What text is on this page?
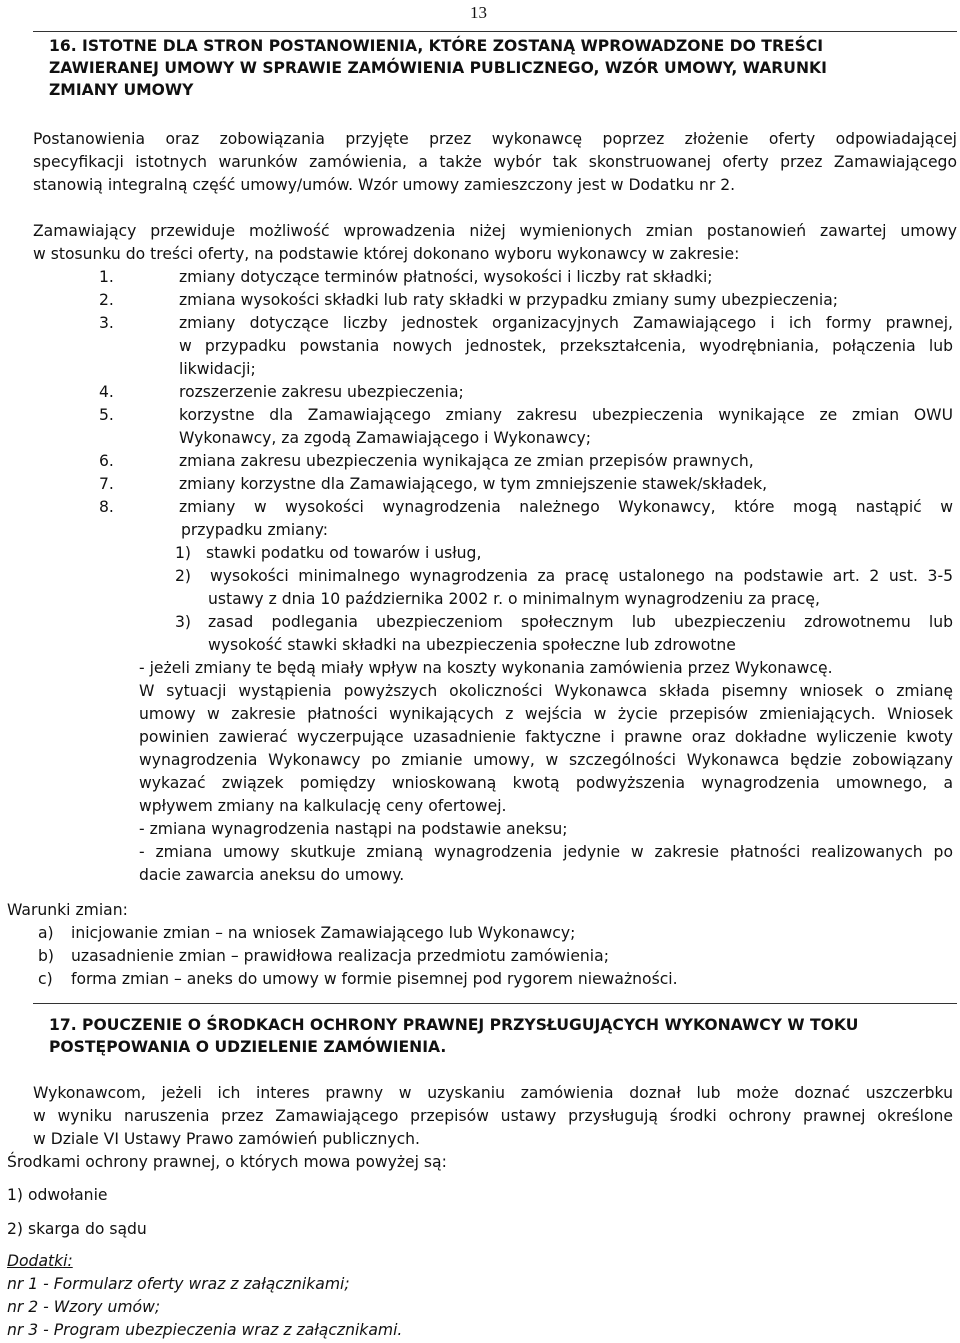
13
16. ISTOTNE DLA STRON POSTANOWIENIA, KTÓRE ZOSTANĄ WPROWADZONE DO TREŚCI
ZAWIERANEJ UMOWY W SPRAWIE ZAMÓWIENIA PUBLICZNEGO, WZÓR UMOWY, WARUNKI
ZMIANY UMOWY
Postanowienia oraz zobowiązania przyjęte przez wykonawcę poprzez złożenie oferty odpowiadającej
specyfikacji istotnych warunków zamówienia, a także wybór tak skonstruowanej oferty przez Zamawiającego
stanowią integralną część umowy/umów. Wzór umowy zamieszczony jest w Dodatku nr 2.
Zamawiający przewiduje możliwość wprowadzenia niżej wymienionych zmian postanowień zawartej umowy
w stosunku do treści oferty, na podstawie której dokonano wyboru wykonawcy w zakresie:
1.	zmiany dotyczące terminów płatności, wysokości i liczby rat składki;
2.	zmiana wysokości składki lub raty składki w przypadku zmiany sumy ubezpieczenia;
3.	zmiany dotyczące liczby jednostek organizacyjnych Zamawiającego i ich formy prawnej,
w przypadku powstania nowych jednostek, przekształcenia, wyodrębniania, połączenia lub
likwidacji;
4.	rozszerzenie zakresu ubezpieczenia;
5.	korzystne dla Zamawiającego zmiany zakresu ubezpieczenia wynikające ze zmian OWU
Wykonawcy, za zgodą Zamawiającego i Wykonawcy;
6.	zmiana zakresu ubezpieczenia wynikająca ze zmian przepisów prawnych,
7.	zmiany korzystne dla Zamawiającego, w tym zmniejszenie stawek/składek,
8.	zmiany w wysokości wynagrodzenia należnego Wykonawcy, które mogą nastąpić w
przypadku zmiany:
1) stawki podatku od towarów i usług,
2) wysokości minimalnego wynagrodzenia za pracę ustalonego na podstawie art. 2 ust. 3-5
ustawy z dnia 10 października 2002 r. o minimalnym wynagrodzeniu za pracę,
3) zasad podlegania ubezpieczeniom społecznym lub ubezpieczeniu zdrowotnemu lub
wysokość stawki składki na ubezpieczenia społeczne lub zdrowotne
- jeżeli zmiany te będą miały wpływ na koszty wykonania zamówienia przez Wykonawcę.
W sytuacji wystąpienia powyższych okoliczności Wykonawca składa pisemny wniosek o zmianę
umowy w zakresie płatności wynikających z wejścia w życie przepisów zmieniających. Wniosek
powinien zawierać wyczerpujące uzasadnienie faktyczne i prawne oraz dokładne wyliczenie kwoty
wynagrodzenia Wykonawcy po zmianie umowy, w szczególności Wykonawca będzie zobowiązany
wykazać związek pomiędzy wnioskowaną kwotą podwyższenia wynagrodzenia umownego, a
wpływem zmiany na kalkulację ceny ofertowej.
- zmiana wynagrodzenia nastąpi na podstawie aneksu;
- zmiana umowy skutkuje zmianą wynagrodzenia jedynie w zakresie płatności realizowanych po
dacie zawarcia aneksu do umowy.
Warunki zmian:
a) inicjowanie zmian – na wniosek Zamawiającego lub Wykonawcy;
b) uzasadnienie zmian – prawidłowa realizacja przedmiotu zamówienia;
c) forma zmian – aneks do umowy w formie pisemnej pod rygorem nieważności.
17. POUCZENIE O ŚRODKACH OCHRONY PRAWNEJ PRZYSŁUGUJĄCYCH WYKONAWCY W TOKU
POSTĘPOWANIA O UDZIELENIE ZAMÓWIENIA.
Wykonawcom, jeżeli ich interes prawny w uzyskaniu zamówienia doznał lub może doznać uszczerbku
w wyniku naruszenia przez Zamawiającego przepisów ustawy przysługują środki ochrony prawnej określone
w Dziale VI Ustawy Prawo zamówień publicznych.
Środkami ochrony prawnej, o których mowa powyżej są:
1) odwołanie
2) skarga do sądu
Dodatki:
nr 1 - Formularz oferty wraz z załącznikami;
nr 2 - Wzory umów;
nr 3 - Program ubezpieczenia wraz z załącznikami.
